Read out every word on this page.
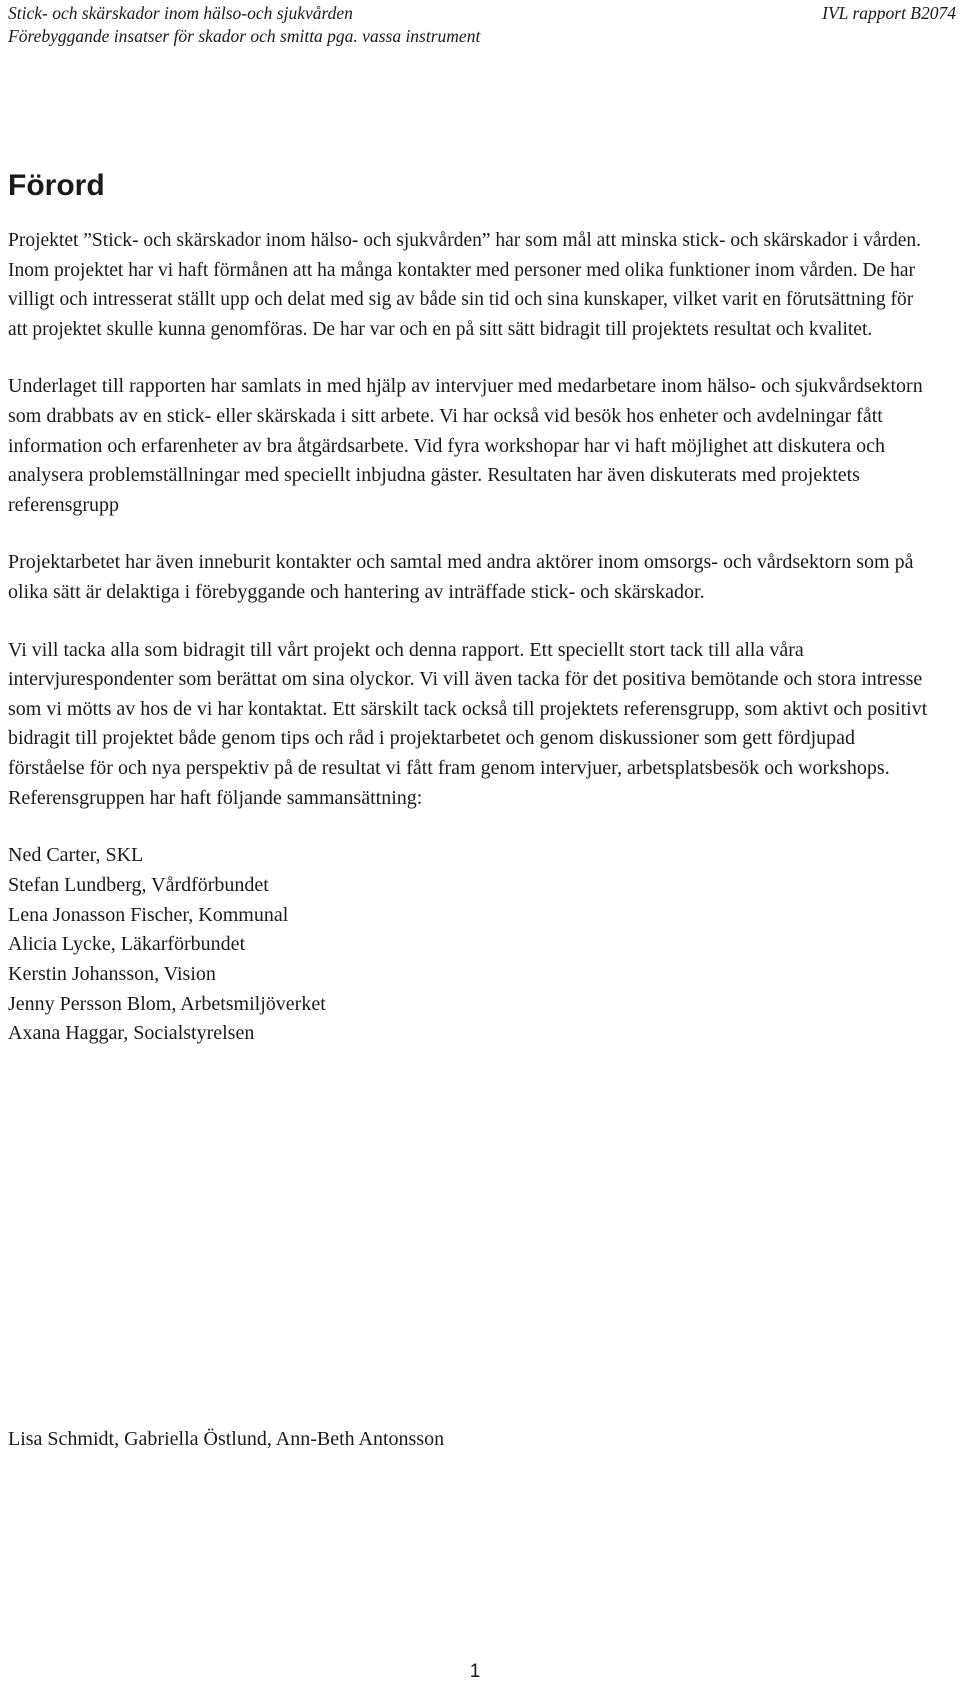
Stick- och skärskador inom hälso-och sjukvården
Förebyggande insatser för skador och smitta pga. vassa instrument
IVL rapport B2074
Förord

Projektet ”Stick- och skärskador inom hälso- och sjukvården” har som mål att minska stick- och skärskador i vården. Inom projektet har vi haft förmånen att ha många kontakter med personer med olika funktioner inom vården. De har villigt och intresserat ställt upp och delat med sig av både sin tid och sina kunskaper, vilket varit en förutsättning för att projektet skulle kunna genomföras. De har var och en på sitt sätt bidragit till projektets resultat och kvalitet.

Underlaget till rapporten har samlats in med hjälp av intervjuer med medarbetare inom hälso- och sjukvårdsektorn som drabbats av en stick- eller skärskada i sitt arbete. Vi har också vid besök hos enheter och avdelningar fått information och erfarenheter av bra åtgärdsarbete. Vid fyra workshopar har vi haft möjlighet att diskutera och analysera problemställningar med speciellt inbjudna gäster. Resultaten har även diskuterats med projektets referensgrupp

Projektarbetet har även inneburit kontakter och samtal med andra aktörer inom omsorgs- och vårdsektorn som på olika sätt är delaktiga i förebyggande och hantering av inträffade stick- och skärskador.

Vi vill tacka alla som bidragit till vårt projekt och denna rapport. Ett speciellt stort tack till alla våra intervjurespondenter som berättat om sina olyckor. Vi vill även tacka för det positiva bemötande och stora intresse som vi mötts av hos de vi har kontaktat. Ett särskilt tack också till projektets referensgrupp, som aktivt och positivt bidragit till projektet både genom tips och råd i projektarbetet och genom diskussioner som gett fördjupad förståelse för och nya perspektiv på de resultat vi fått fram genom intervjuer, arbetsplatsbesök och workshops. Referensgruppen har haft följande sammansättning:

Ned Carter, SKL
Stefan Lundberg, Vårdförbundet
Lena Jonasson Fischer, Kommunal
Alicia Lycke, Läkarförbundet
Kerstin Johansson, Vision
Jenny Persson Blom, Arbetsmiljöverket
Axana Haggar, Socialstyrelsen
Lisa Schmidt, Gabriella Östlund, Ann-Beth Antonsson
1
